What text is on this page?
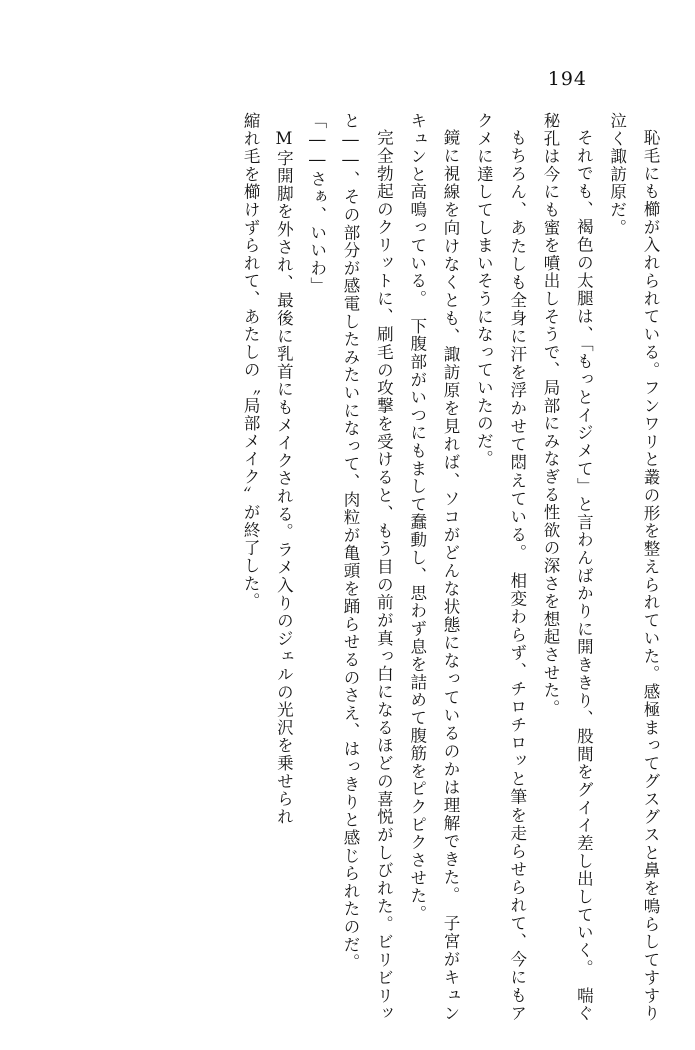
194

恥毛にも櫛が入れられている。フンワリと叢の形を整えられていた。感極まってグスグスと鼻を鳴らしてすすり泣く諏訪原だ。

それでも、褐色の太腿は、「もっとイジメて」と言わんばかりに開ききり、股間をグイイ差し出していく。　喘ぐ秘孔は今にも蜜を噴出しそうで、局部にみなぎる性欲の深さを想起させた。

もちろん、あたしも全身に汗を浮かせて悶えている。　相変わらず、チロチロッと筆を走らせられて、今にもアクメに達してしまいそうになっていたのだ。

鏡に視線を向けなくとも、諏訪原を見れば、ソコがどんな状態になっているのかは理解できた。　子宮がキュンキュンと高鳴っている。　下腹部がいつにもまして蠢動し、思わず息を詰めて腹筋をピクピクさせた。

完全勃起のクリットに、刷毛の攻撃を受けると、もう目の前が真っ白になるほどの喜悦がしびれた。ビリビリッと――、その部分が感電したみたいになって、肉粒が亀頭を踊らせるのさえ、はっきりと感じられたのだ。

「――さぁ、いいわ」

M字開脚を外され、最後に乳首にもメイクされる。ラメ入りのジェルの光沢を乗せられ

縮れ毛を櫛けずられて、あたしの〝局部メイク〟が終了した。
